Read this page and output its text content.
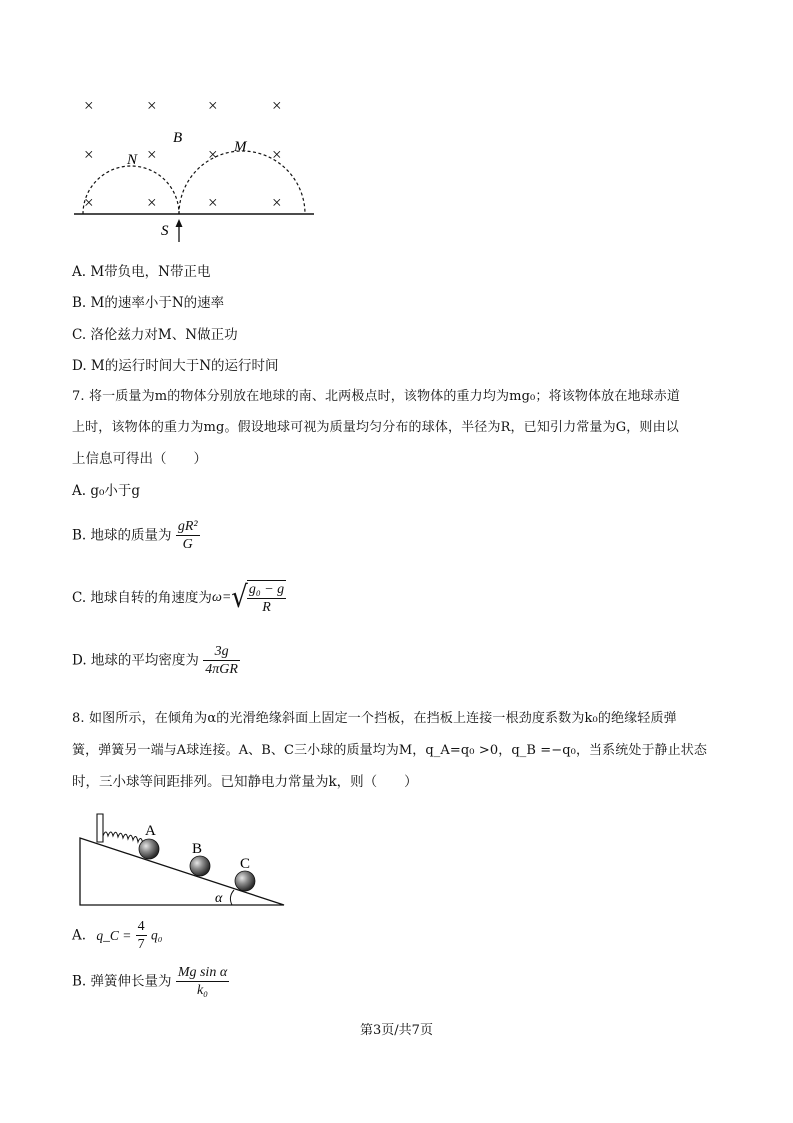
×	×	×	×
×	×	×	×
×	×	×	×
B
N
M
S
A. M带负电，N带正电
B. M的速率小于N的速率
C. 洛伦兹力对M、N做正功
D. M的运行时间大于N的运行时间
7. 将一质量为m的物体分别放在地球的南、北两极点时，该物体的重力均为mg₀；将该物体放在地球赤道
上时，该物体的重力为mg。假设地球可视为质量均匀分布的球体，半径为R，已知引力常量为G，则由以
上信息可得出（　　）
A. g₀小于g
B. 地球的质量为 $\frac{\text{gR²}}{G}$
C. 地球自转的角速度为$\omega=√ \frac{\text{g₀ − g}}{R}$
D. 地球的平均密度为 $\frac{3g}{\text{4πGR}}$
8. 如图所示，在倾角为α的光滑绝缘斜面上固定一个挡板，在挡板上连接一根劲度系数为k₀的绝缘轻质弹
簧，弹簧另一端与A球连接。A、B、C三小球的质量均为M，q_A=q₀ >0，q_B =−q₀，当系统处于静止状态
时，三小球等间距排列。已知静电力常量为k，则（　　）
A
B
C
α
A. q_C = $\frac{4}{7} q_0$
B. 弹簧伸长量为 $\frac{\text{Mg sin α}}{\text{k₀}}$
第3页/共7页
